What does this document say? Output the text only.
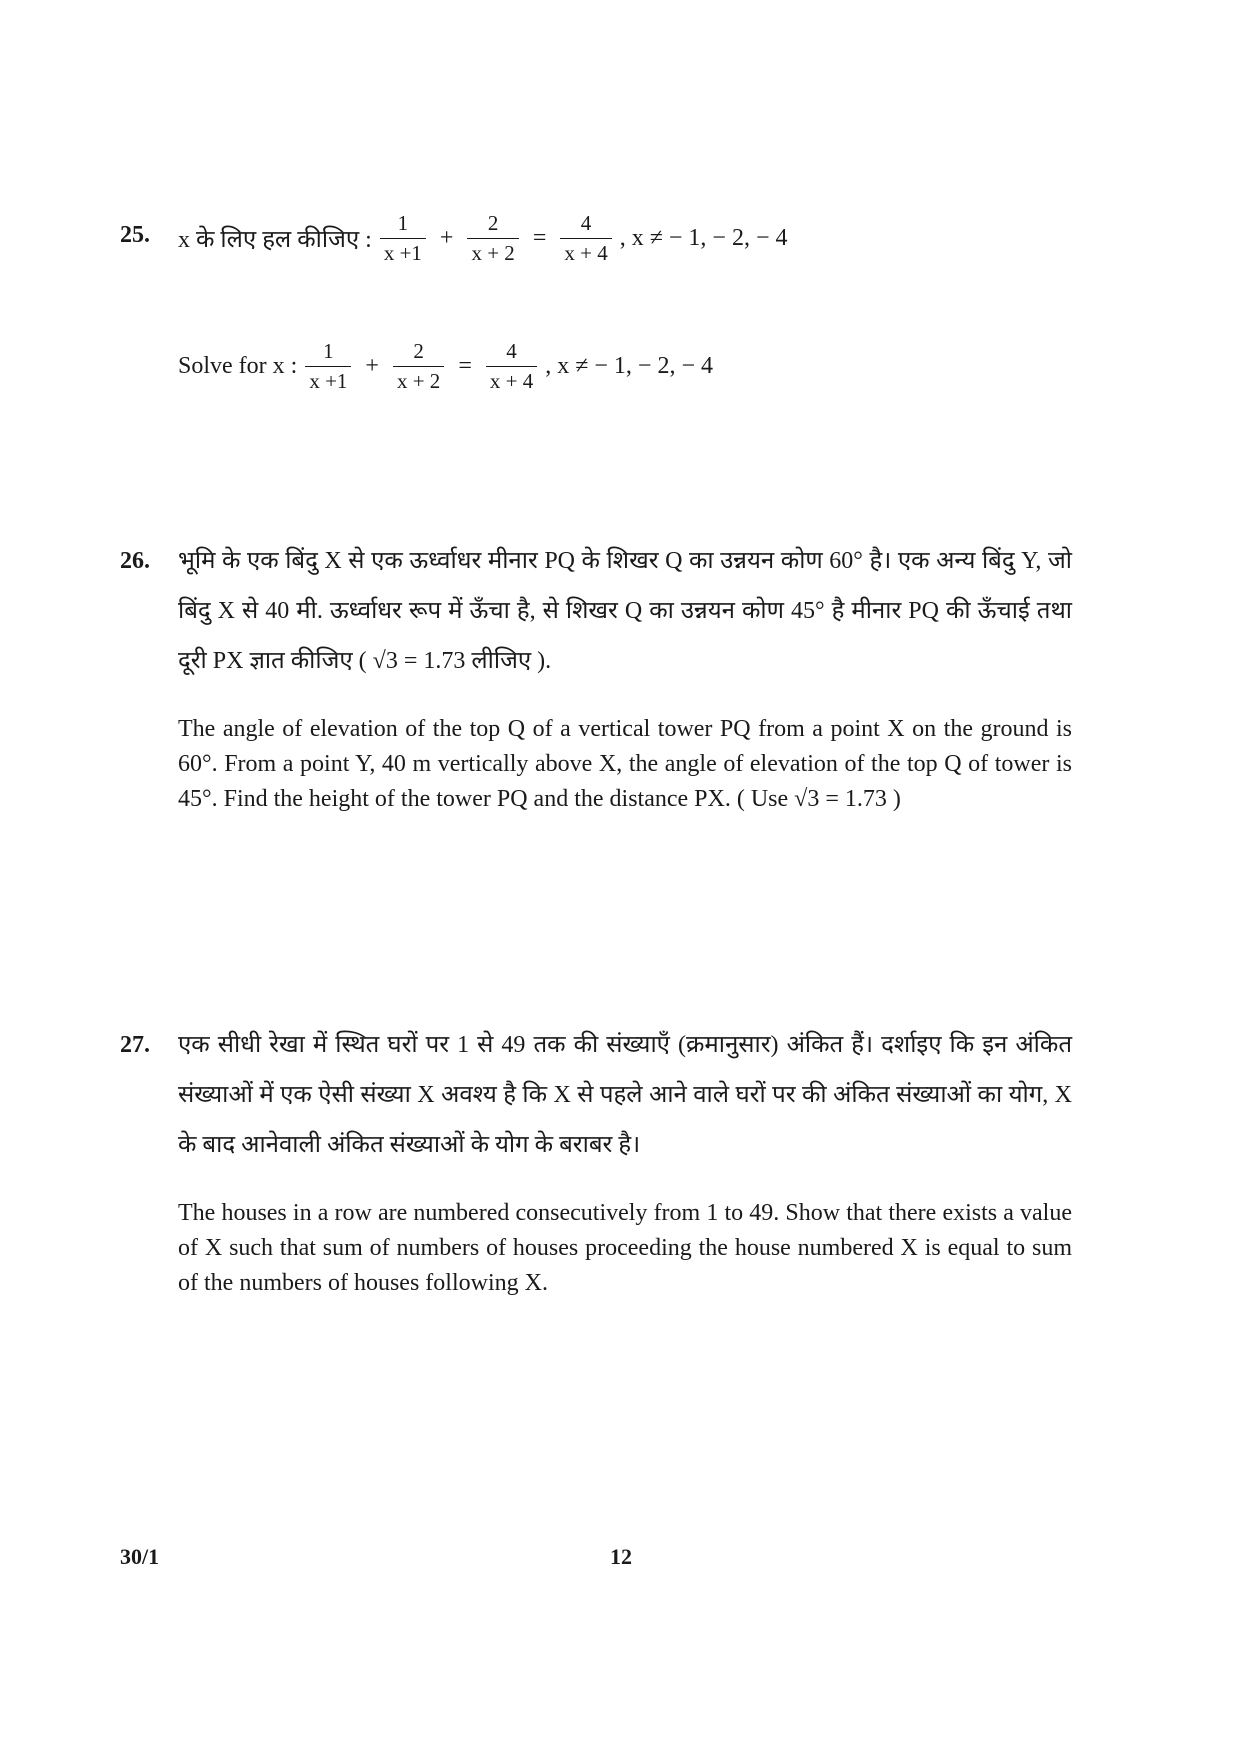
25. x के लिए हल कीजिए : $\frac{1}{x +1} + \frac{2}{x + 2} = \frac{4}{x + 4}$ , x ≠ − 1, − 2, − 4
Solve for x : $\frac{1}{x +1} + \frac{2}{x + 2} = \frac{4}{x + 4}$ , x ≠ − 1, − 2, − 4
26. भूमि के एक बिंदु X से एक ऊर्ध्वाधर मीनार PQ के शिखर Q का उन्नयन कोण 60° है। एक अन्य बिंदु Y, जो बिंदु X से 40 मी. ऊर्ध्वाधर रूप में ऊँचा है, से शिखर Q का उन्नयन कोण 45° है मीनार PQ की ऊँचाई तथा दूरी PX ज्ञात कीजिए ( √3 = 1.73 लीजिए ).
The angle of elevation of the top Q of a vertical tower PQ from a point X on the ground is 60°. From a point Y, 40 m vertically above X, the angle of elevation of the top Q of tower is 45°. Find the height of the tower PQ and the distance PX. ( Use √3 = 1.73 )
27. एक सीधी रेखा में स्थित घरों पर 1 से 49 तक की संख्याएँ (क्रमानुसार) अंकित हैं। दर्शाइए कि इन अंकित संख्याओं में एक ऐसी संख्या X अवश्य है कि X से पहले आने वाले घरों पर की अंकित संख्याओं का योग, X के बाद आनेवाली अंकित संख्याओं के योग के बराबर है।
The houses in a row are numbered consecutively from 1 to 49. Show that there exists a value of X such that sum of numbers of houses proceeding the house numbered X is equal to sum of the numbers of houses following X.
30/1	12
